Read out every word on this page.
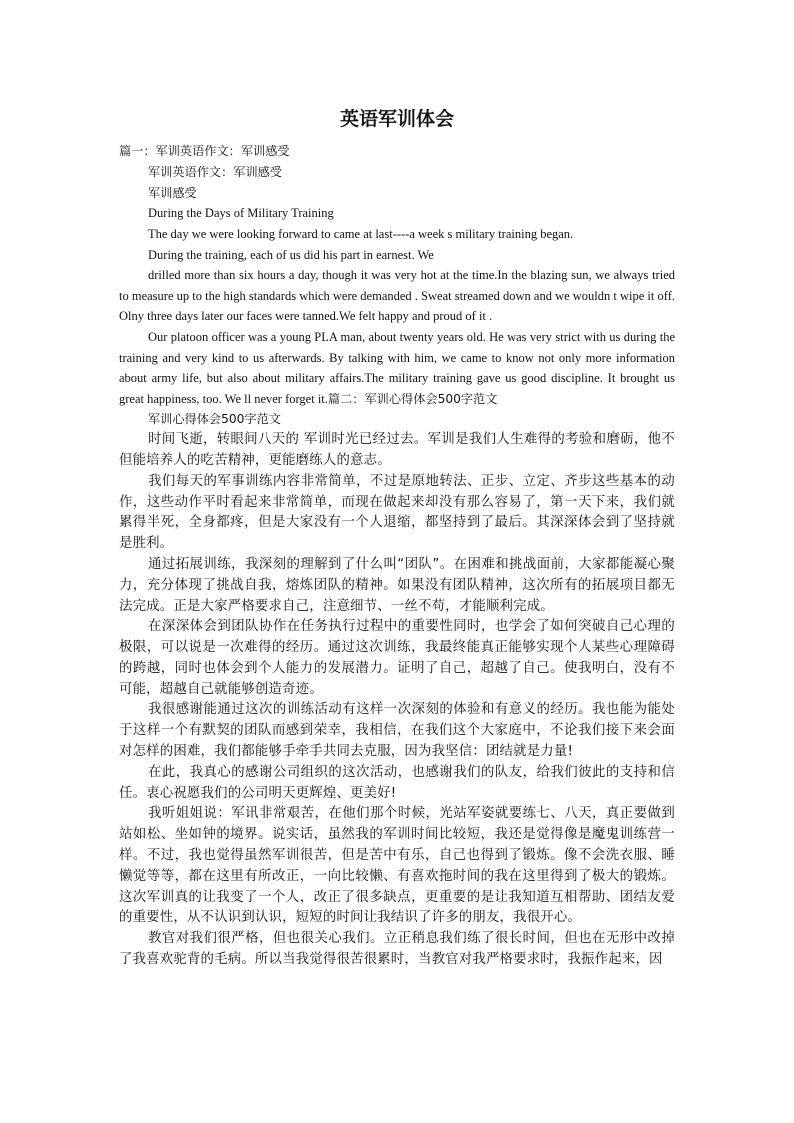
英语军训体会

篇一：军训英语作文：军训感受

军训英语作文：军训感受

军训感受

During the Days of Military Training

The day we were looking forward to came at last----a week s military training began.

During the training, each of us did his part in earnest. We

drilled more than six hours a day, though it was very hot at the time.In the blazing sun, we always tried to measure up to the high standards which were demanded . Sweat streamed down and we wouldn t wipe it off. Olny three days later our faces were tanned.We felt happy and proud of it .

Our platoon officer was a young PLA man, about twenty years old. He was very strict with us during the training and very kind to us afterwards. By talking with him, we came to know not only more information about army life, but also about military affairs.The military training gave us good discipline. It brought us great happiness, too. We ll never forget it.篇二：军训心得体会500字范文

军训心得体会500字范文

时间飞逝，转眼间八天的 军训时光已经过去。军训是我们人生难得的考验和磨砺，他不但能培养人的吃苦精神，更能磨练人的意志。

我们每天的军事训练内容非常简单，不过是原地转法、正步、立定、齐步这些基本的动作，这些动作平时看起来非常简单，而现在做起来却没有那么容易了，第一天下来，我们就累得半死，全身都疼，但是大家没有一个人退缩，都坚持到了最后。其深深体会到了坚持就是胜利。

通过拓展训练，我深刻的理解到了什么叫“团队”。在困难和挑战面前，大家都能凝心聚力，充分体现了挑战自我，熔炼团队的精神。如果没有团队精神，这次所有的拓展项目都无法完成。正是大家严格要求自己，注意细节、一丝不苟，才能顺利完成。

在深深体会到团队协作在任务执行过程中的重要性同时，也学会了如何突破自己心理的极限，可以说是一次难得的经历。通过这次训练，我最终能真正能够实现个人某些心理障碍的跨越，同时也体会到个人能力的发展潜力。证明了自己，超越了自己。使我明白，没有不可能，超越自己就能够创造奇迹。

我很感谢能通过这次的训练活动有这样一次深刻的体验和有意义的经历。我也能为能处于这样一个有默契的团队而感到荣幸，我相信，在我们这个大家庭中，不论我们接下来会面对怎样的困难，我们都能够手牵手共同去克服，因为我坚信：团结就是力量!

在此，我真心的感谢公司组织的这次活动，也感谢我们的队友，给我们彼此的支持和信任。衷心祝愿我们的公司明天更辉煌、更美好!

我听姐姐说：军讯非常艰苦，在他们那个时候，光站军姿就要练七、八天，真正要做到站如松、坐如钟的境界。说实话，虽然我的军训时间比较短，我还是觉得像是魔鬼训练营一样。不过，我也觉得虽然军训很苦，但是苦中有乐，自己也得到了锻炼。像不会洗衣服、睡懒觉等等，都在这里有所改正，一向比较懒、有喜欢拖时间的我在这里得到了极大的锻炼。这次军训真的让我变了一个人，改正了很多缺点，更重要的是让我知道互相帮助、团结友爱的重要性，从不认识到认识，短短的时间让我结识了许多的朋友，我很开心。

教官对我们很严格，但也很关心我们。立正稍息我们练了很长时间，但也在无形中改掉了我喜欢驼背的毛病。所以当我觉得很苦很累时，当教官对我严格要求时，我振作起来，因
